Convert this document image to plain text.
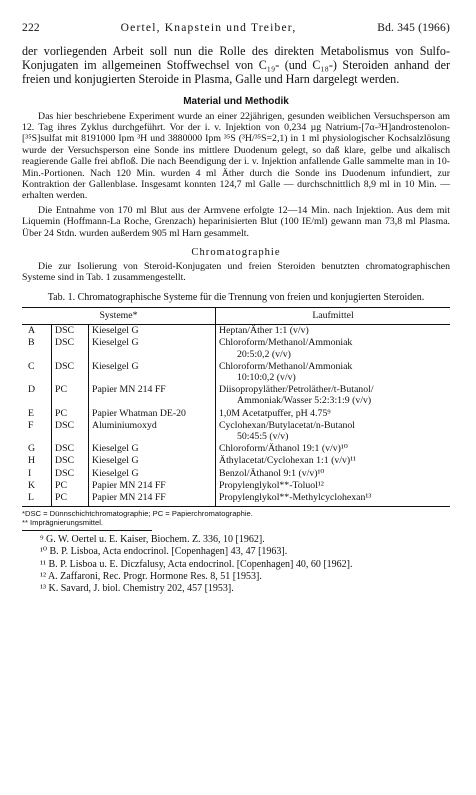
222	Oertel, Knapstein und Treiber,	Bd. 345 (1966)

der vorliegenden Arbeit soll nun die Rolle des direkten Metabolismus von Sulfo-Konjugaten im allgemeinen Stoffwechsel von C₁₉- (und C₁₈-) Steroiden anhand der freien und konjugierten Steroide in Plasma, Galle und Harn dargelegt werden.

Material und Methodik

Das hier beschriebene Experiment wurde an einer 22jährigen, gesunden weiblichen Versuchsperson am 12. Tag ihres Zyklus durchgeführt. Vor der i. v. Injektion von 0,234 µg Natrium-[7α-³H]androstenolon-[³⁵S]sulfat mit 8191000 Ipm ³H und 3880000 Ipm ³⁵S (³H/³⁵S=2,1) in 1 ml physiologischer Kochsalzlösung wurde der Versuchsperson eine Sonde ins mittlere Duodenum gelegt, so daß klare, gelbe und alkalisch reagierende Galle frei abfloß. Die nach Beendigung der i. v. Injektion anfallende Galle sammelte man in 10-Min.-Portionen. Nach 120 Min. wurden 4 ml Äther durch die Sonde ins Duodenum infundiert, zur Kontraktion der Gallenblase. Insgesamt konnten 124,7 ml Galle — durchschnittlich 8,9 ml in 10 Min. — erhalten werden.

Die Entnahme von 170 ml Blut aus der Armvene erfolgte 12—14 Min. nach Injektion. Aus dem mit Liquemin (Hoffmann-La Roche, Grenzach) heparinisierten Blut (100 IE/ml) gewann man 73,8 ml Plasma. Über 24 Stdn. wurden außerdem 905 ml Harn gesammelt.

Chromatographie

Die zur Isolierung von Steroid-Konjugaten und freien Steroiden benutzten chromatographischen Systeme sind in Tab. 1 zusammengestellt.

Tab. 1. Chromatographische Systeme für die Trennung von freien und konjugierten Steroiden.
Systeme*			Laufmittel
A	DSC	Kieselgel G	Heptan/Äther 1:1 (v/v)

B	DSC	Kieselgel G	Chloroform/Methanol/Ammoniak
20:5:0,2 (v/v)

C	DSC	Kieselgel G	Chloroform/Methanol/Ammoniak
10:10:0,2 (v/v)

D	PC	Papier MN 214 FF	Diisopropyläther/Petroläther/t-Butanol/
Ammoniak/Wasser 5:2:3:1:9 (v/v)

E	PC	Papier Whatman DE-20	1,0M Acetatpuffer, pH 4.75⁹

F	DSC	Aluminiumoxyd	Cyclohexan/Butylacetat/n-Butanol
50:45:5 (v/v)

G	DSC	Kieselgel G	Chloroform/Äthanol 19:1 (v/v)¹⁰

H	DSC	Kieselgel G	Äthylacetat/Cyclohexan 1:1 (v/v)¹¹

I	DSC	Kieselgel G	Benzol/Äthanol 9:1 (v/v)¹⁰

K	PC	Papier MN 214 FF	Propylenglykol**-Toluol¹²

L	PC	Papier MN 214 FF	Propylenglykol**-Methylcyclohexan¹³
*DSC = Dünnschichtchromatographie; PC = Papierchromatographie.
** Imprägnierungsmittel.
⁹ G. W. Oertel u. E. Kaiser, Biochem. Z. 336, 10 [1962].
¹⁰ B. P. Lisboa, Acta endocrinol. [Copenhagen] 43, 47 [1963].
¹¹ B. P. Lisboa u. E. Diczfalusy, Acta endocrinol. [Copenhagen] 40, 60 [1962].
¹² A. Zaffaroni, Rec. Progr. Hormone Res. 8, 51 [1953].
¹³ K. Savard, J. biol. Chemistry 202, 457 [1953].
